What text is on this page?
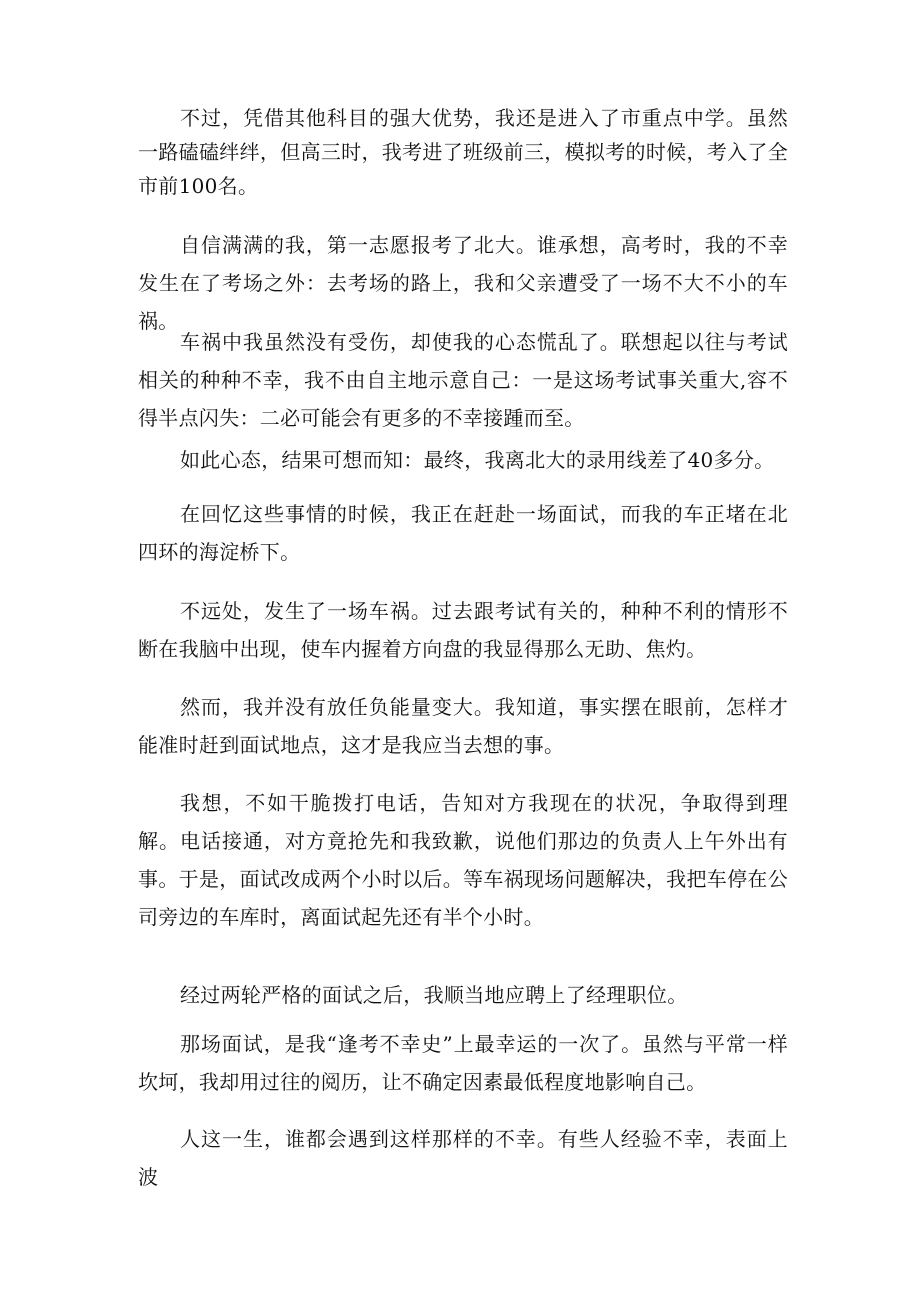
不过，凭借其他科目的强大优势，我还是进入了市重点中学。虽然一路磕磕绊绊，但高三时，我考进了班级前三，模拟考的时候，考入了全市前100名。

自信满满的我，第一志愿报考了北大。谁承想，高考时，我的不幸发生在了考场之外：去考场的路上，我和父亲遭受了一场不大不小的车祸。

车祸中我虽然没有受伤，却使我的心态慌乱了。联想起以往与考试相关的种种不幸，我不由自主地示意自己：一是这场考试事关重大,容不得半点闪失：二必可能会有更多的不幸接踵而至。

如此心态，结果可想而知：最终，我离北大的录用线差了40多分。

在回忆这些事情的时候，我正在赶赴一场面试，而我的车正堵在北四环的海淀桥下。

不远处，发生了一场车祸。过去跟考试有关的，种种不利的情形不断在我脑中出现，使车内握着方向盘的我显得那么无助、焦灼。

然而，我并没有放任负能量变大。我知道，事实摆在眼前，怎样才能准时赶到面试地点，这才是我应当去想的事。

我想，不如干脆拨打电话，告知对方我现在的状况，争取得到理解。电话接通，对方竟抢先和我致歉，说他们那边的负责人上午外出有事。于是，面试改成两个小时以后。等车祸现场问题解决，我把车停在公司旁边的车库时，离面试起先还有半个小时。

经过两轮严格的面试之后，我顺当地应聘上了经理职位。

那场面试，是我“逢考不幸史”上最幸运的一次了。虽然与平常一样坎坷，我却用过往的阅历，让不确定因素最低程度地影响自己。

人这一生，谁都会遇到这样那样的不幸。有些人经验不幸，表面上波
